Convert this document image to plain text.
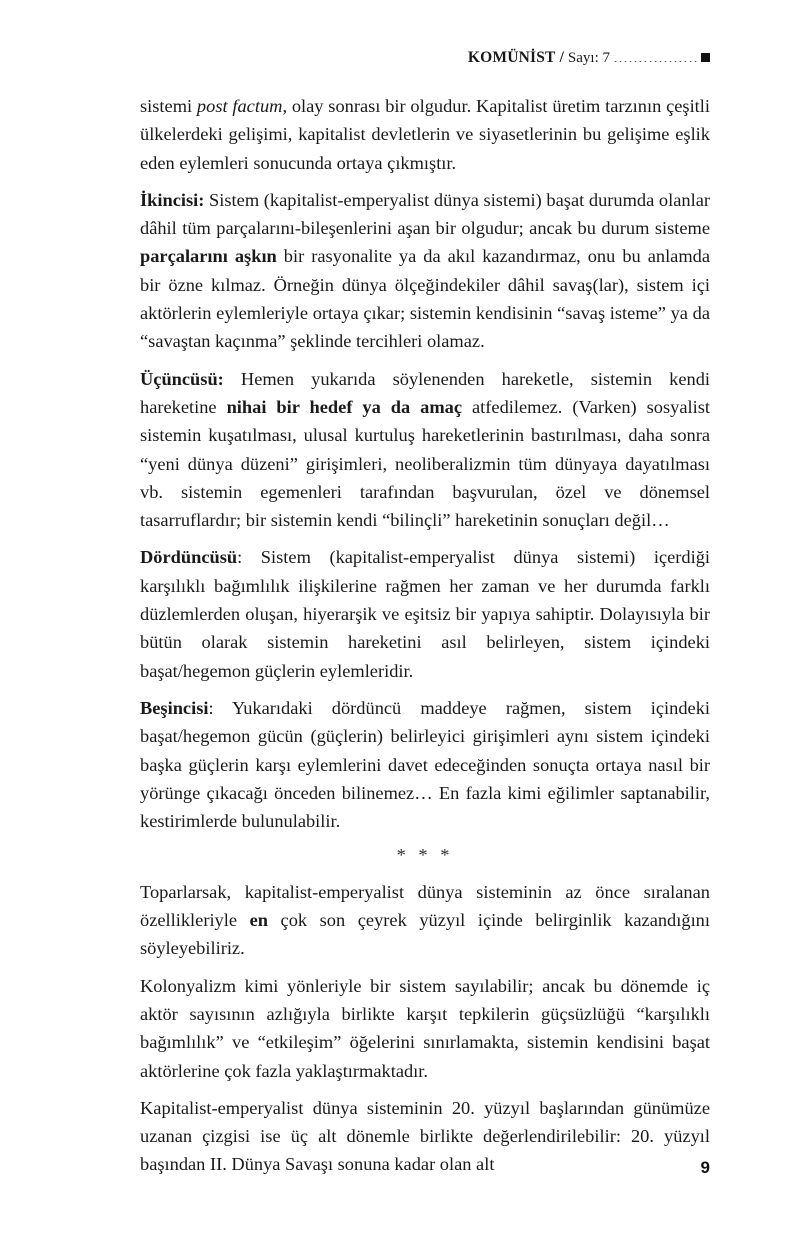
KOMÜNİST / Sayı: 7

sistemi post factum, olay sonrası bir olgudur. Kapitalist üretim tarzının çeşitli ülkelerdeki gelişimi, kapitalist devletlerin ve siyasetlerinin bu gelişime eşlik eden eylemleri sonucunda ortaya çıkmıştır.

İkincisi: Sistem (kapitalist-emperyalist dünya sistemi) başat durumda olanlar dâhil tüm parçalarını-bileşenlerini aşan bir olgudur; ancak bu durum sisteme parçalarını aşkın bir rasyonalite ya da akıl kazandırmaz, onu bu anlamda bir özne kılmaz. Örneğin dünya ölçeğindekiler dâhil savaş(lar), sistem içi aktörlerin eylemleriyle ortaya çıkar; sistemin kendisinin “savaş isteme” ya da “savaştan kaçınma” şeklinde tercihleri olamaz.

Üçüncüsü: Hemen yukarıda söylenenden hareketle, sistemin kendi hareketine nihai bir hedef ya da amaç atfedilemez. (Varken) sosyalist sistemin kuşatılması, ulusal kurtuluş hareketlerinin bastırılması, daha sonra “yeni dünya düzeni” girişimleri, neoliberalizmin tüm dünyaya dayatılması vb. sistemin egemenleri tarafından başvurulan, özel ve dönemsel tasarruflardır; bir sistemin kendi “bilinçli” hareketinin sonuçları değil…

Dördüncüsü: Sistem (kapitalist-emperyalist dünya sistemi) içerdiği karşılıklı bağımlılık ilişkilerine rağmen her zaman ve her durumda farklı düzlemlerden oluşan, hiyerarşik ve eşitsiz bir yapıya sahiptir. Dolayısıyla bir bütün olarak sistemin hareketini asıl belirleyen, sistem içindeki başat/hegemon güçlerin eylemleridir.

Beşincisi: Yukarıdaki dördüncü maddeye rağmen, sistem içindeki başat/hegemon gücün (güçlerin) belirleyici girişimleri aynı sistem içindeki başka güçlerin karşı eylemlerini davet edeceğinden sonuçta ortaya nasıl bir yörünge çıkacağı önceden bilinemez… En fazla kimi eğilimler saptanabilir, kestirimlerde bulunulabilir.

* * *

Toparlarsak, kapitalist-emperyalist dünya sisteminin az önce sıralanan özellikleriyle en çok son çeyrek yüzyıl içinde belirginlik kazandığını söyleyebiliriz.

Kolonyalizm kimi yönleriyle bir sistem sayılabilir; ancak bu dönemde iç aktör sayısının azlığıyla birlikte karşıt tepkilerin güçsüzlüğü “karşılıklı bağımlılık” ve “etkileşim” öğelerini sınırlamakta, sistemin kendisini başat aktörlerine çok fazla yaklaştırmaktadır.

Kapitalist-emperyalist dünya sisteminin 20. yüzyıl başlarından günümüze uzanan çizgisi ise üç alt dönemle birlikte değerlendirilebilir: 20. yüzyıl başından II. Dünya Savaşı sonuna kadar olan alt	9
